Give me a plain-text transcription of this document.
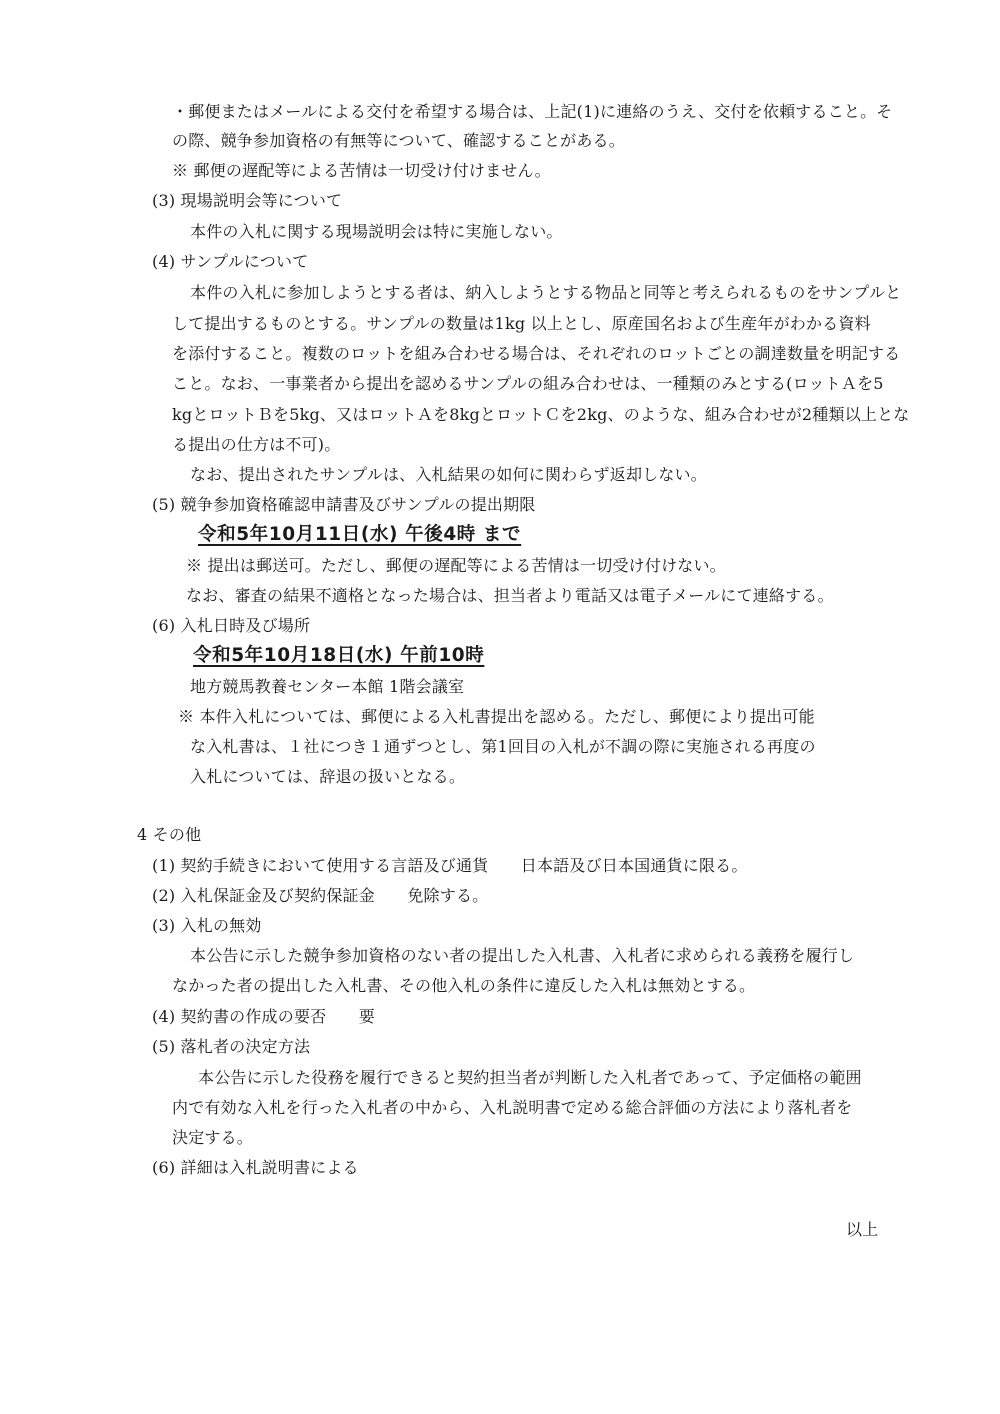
・郵便またはメールによる交付を希望する場合は、上記(1)に連絡のうえ、交付を依頼すること。そ
の際、競争参加資格の有無等について、確認することがある。
※ 郵便の遅配等による苦情は一切受け付けません。
(3) 現場説明会等について
本件の入札に関する現場説明会は特に実施しない。
(4) サンプルについて
本件の入札に参加しようとする者は、納入しようとする物品と同等と考えられるものをサンプルと
して提出するものとする。サンプルの数量は1kg 以上とし、原産国名および生産年がわかる資料
を添付すること。複数のロットを組み合わせる場合は、それぞれのロットごとの調達数量を明記する
こと。なお、一事業者から提出を認めるサンプルの組み合わせは、一種類のみとする(ロットＡを5
kgとロットＢを5kg、又はロットＡを8kgとロットＣを2kg、のような、組み合わせが2種類以上とな
る提出の仕方は不可)。
なお、提出されたサンプルは、入札結果の如何に関わらず返却しない。
(5) 競争参加資格確認申請書及びサンプルの提出期限
令和5年10月11日(水) 午後4時 まで
※ 提出は郵送可。ただし、郵便の遅配等による苦情は一切受け付けない。
なお、審査の結果不適格となった場合は、担当者より電話又は電子メールにて連絡する。
(6) 入札日時及び場所
令和5年10月18日(水) 午前10時
地方競馬教養センター本館 1階会議室
※ 本件入札については、郵便による入札書提出を認める。ただし、郵便により提出可能
な入札書は、１社につき１通ずつとし、第1回目の入札が不調の際に実施される再度の
入札については、辞退の扱いとなる。
4 その他
(1) 契約手続きにおいて使用する言語及び通貨　　日本語及び日本国通貨に限る。
(2) 入札保証金及び契約保証金　　免除する。
(3) 入札の無効
本公告に示した競争参加資格のない者の提出した入札書、入札者に求められる義務を履行し
なかった者の提出した入札書、その他入札の条件に違反した入札は無効とする。
(4) 契約書の作成の要否　　要
(5) 落札者の決定方法
本公告に示した役務を履行できると契約担当者が判断した入札者であって、予定価格の範囲
内で有効な入札を行った入札者の中から、入札説明書で定める総合評価の方法により落札者を
決定する。
(6) 詳細は入札説明書による
以上
